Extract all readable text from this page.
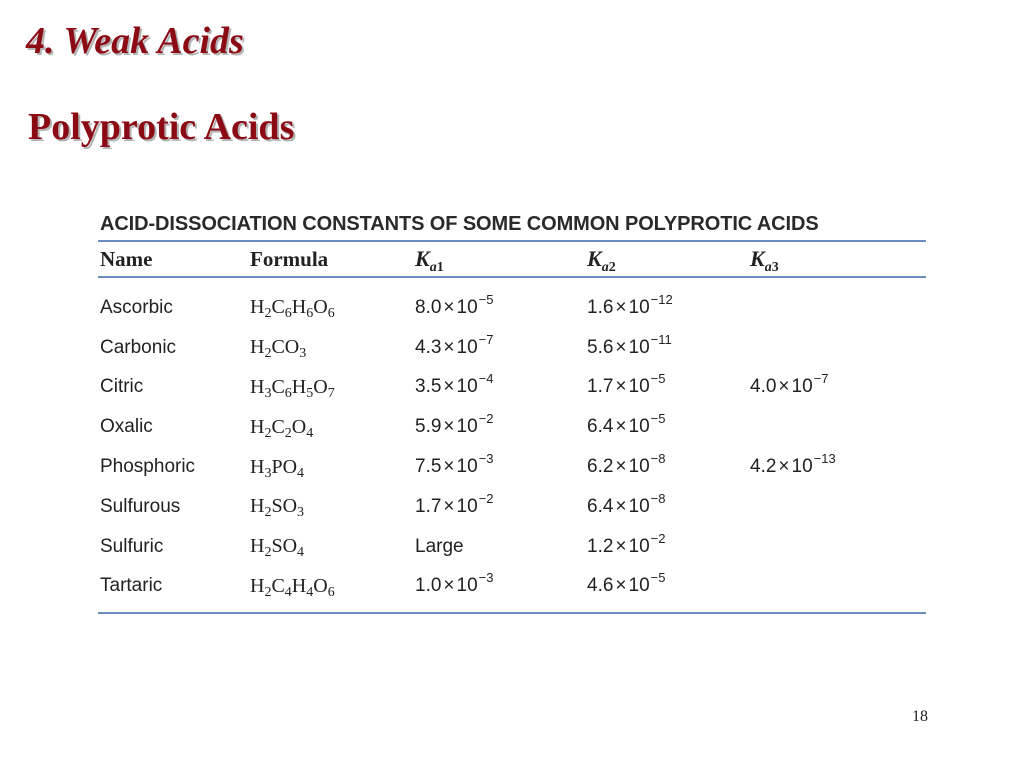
4. Weak Acids
Polyprotic Acids
ACID-DISSOCIATION CONSTANTS OF SOME COMMON POLYPROTIC ACIDS
Name	Formula	$K_{a1}$	$K_{a2}$	$K_{a3}$
Ascorbic	$H_2C_6H_6O_6$	$8.0 \times 10^{-5}$	$1.6 \times 10^{-12}$
Carbonic	$H_2CO_3$	$4.3 \times 10^{-7}$	$5.6 \times 10^{-11}$
Citric	$H_3C_6H_5O_7$	$3.5 \times 10^{-4}$	$1.7 \times 10^{-5}$	$4.0 \times 10^{-7}$
Oxalic	$H_2C_2O_4$	$5.9 \times 10^{-2}$	$6.4 \times 10^{-5}$
Phosphoric	$H_3PO_4$	$7.5 \times 10^{-3}$	$6.2 \times 10^{-8}$	$4.2 \times 10^{-13}$
Sulfurous	$H_2SO_3$	$1.7 \times 10^{-2}$	$6.4 \times 10^{-8}$
Sulfuric	$H_2SO_4$	Large	$1.2 \times 10^{-2}$
Tartaric	$H_2C_4H_4O_6$	$1.0 \times 10^{-3}$	$4.6 \times 10^{-5}$
18
